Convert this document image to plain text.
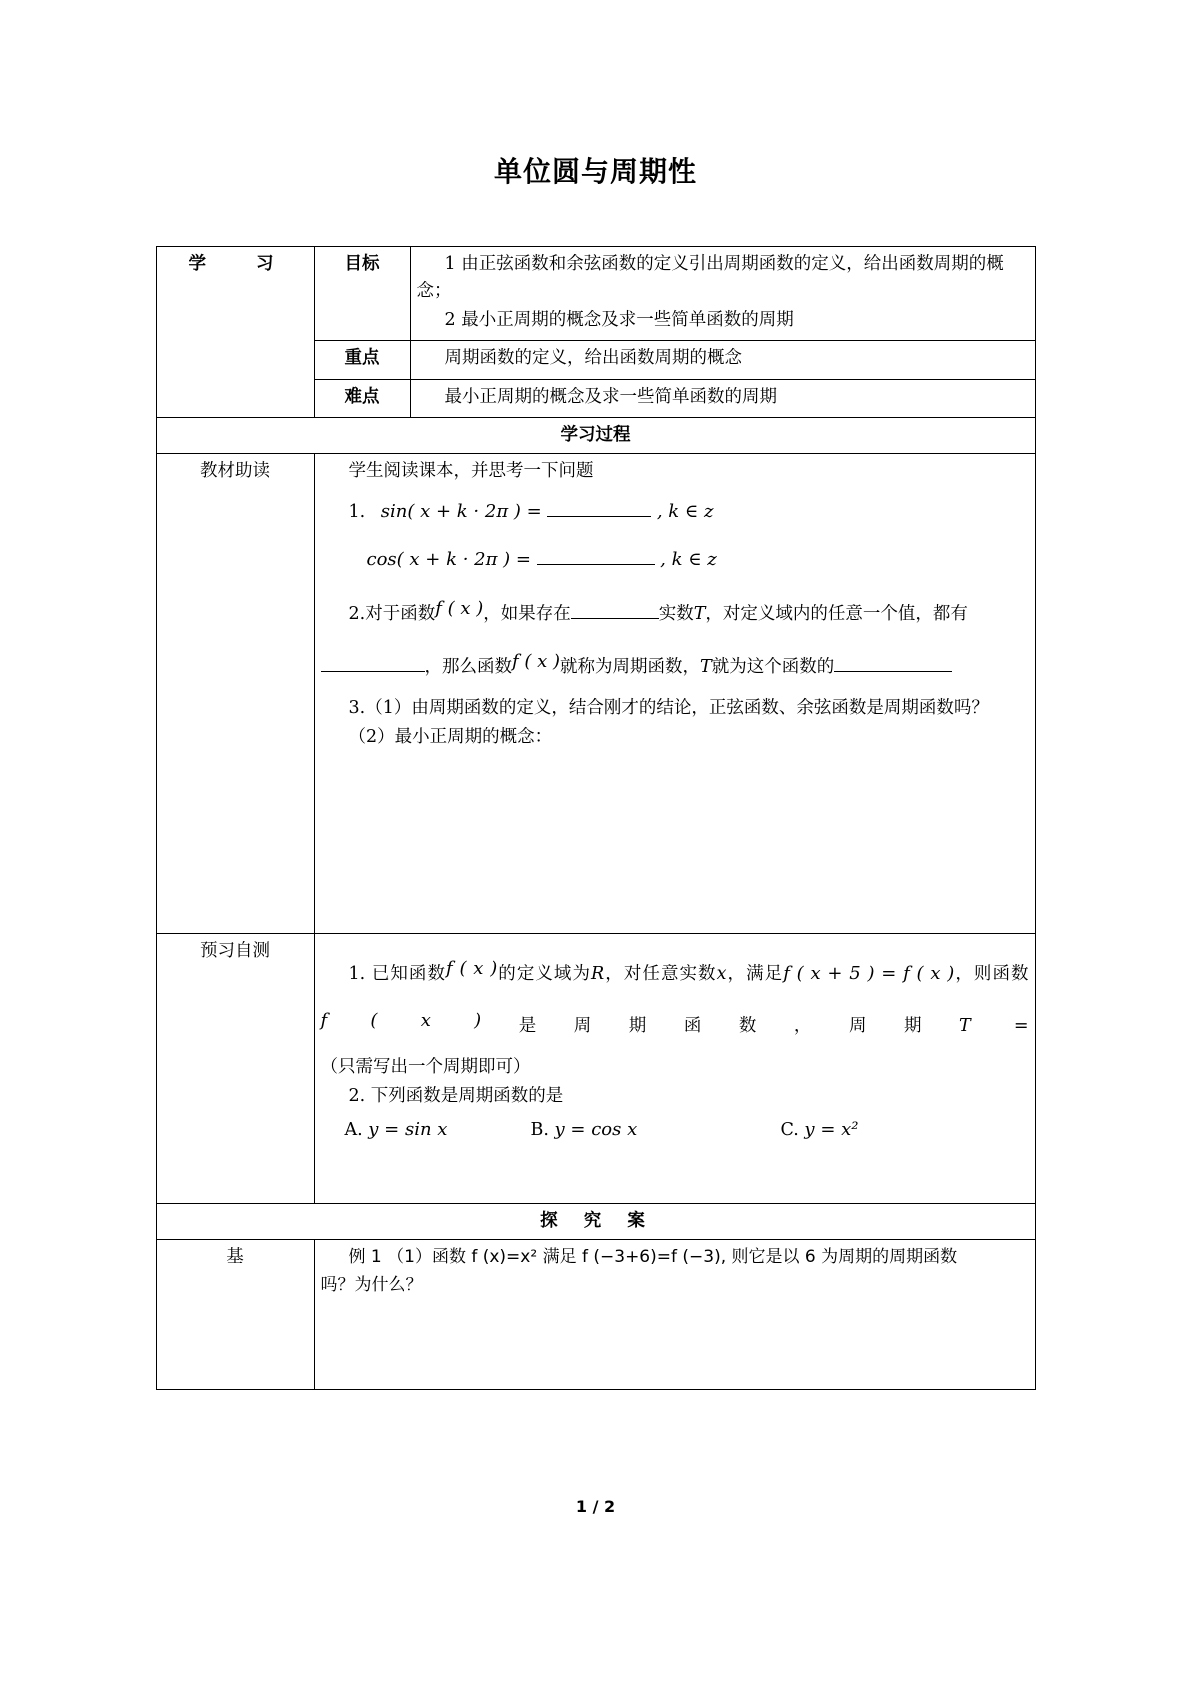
单位圆与周期性
学 习	目标	1 由正弦函数和余弦函数的定义引出周期函数的定义，给出函数周期的概念；

2 最小正周期的概念及求一些简单函数的周期

	重点	周期函数的定义，给出函数周期的概念

	难点	最小正周期的概念及求一些简单函数的周期

学习过程		
教材助读	学生阅读课本，并思考一下问题

1. sin( x + k · 2π ) =	, k ∈ z

cos( x + k · 2π ) =	, k ∈ z

2.对于函数f ( x )，如果存在	实数T，对定义域内的任意一个值，都有，那么函数f ( x )就称为周期函数，T就为这个函数的

3.（1）由周期函数的定义，结合刚才的结论，正弦函数、余弦函数是周期函数吗？

（2）最小正周期的概念：

预习自测	

1. 已知函数f ( x )的定义域为R，对任意实数x，满足f ( x + 5 ) = f ( x )，则函数f ( x )是周期函数，周期T =

（只需写出一个周期即可）

2. 下列函数是周期函数的是

A. y = sin x	B. y = cos x	C. y = x²

探 究 案		
基	例 1 （1）函数 f (x)=x² 满足 f (−3+6)=f (−3), 则它是以 6 为周期的周期函数

吗？为什么？	

1 / 2
